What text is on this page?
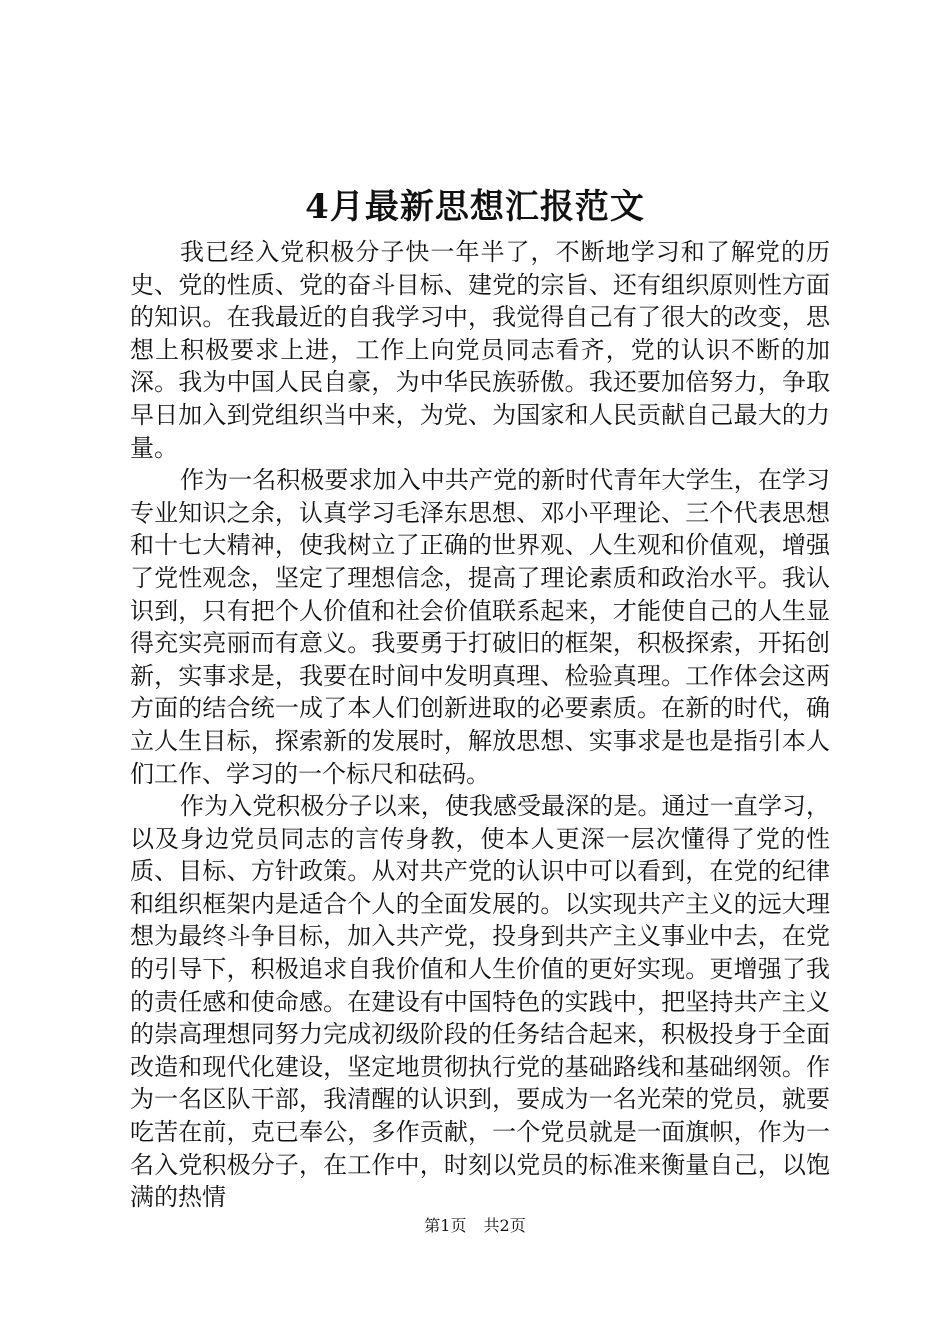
4月最新思想汇报范文

我已经入党积极分子快一年半了，不断地学习和了解党的历史、党的性质、党的奋斗目标、建党的宗旨、还有组织原则性方面的知识。在我最近的自我学习中，我觉得自己有了很大的改变，思想上积极要求上进，工作上向党员同志看齐，党的认识不断的加深。我为中国人民自豪，为中华民族骄傲。我还要加倍努力，争取早日加入到党组织当中来，为党、为国家和人民贡献自己最大的力量。

作为一名积极要求加入中共产党的新时代青年大学生，在学习专业知识之余，认真学习毛泽东思想、邓小平理论、三个代表思想和十七大精神，使我树立了正确的世界观、人生观和价值观，增强了党性观念，坚定了理想信念，提高了理论素质和政治水平。我认识到，只有把个人价值和社会价值联系起来，才能使自己的人生显得充实亮丽而有意义。我要勇于打破旧的框架，积极探索，开拓创新，实事求是，我要在时间中发明真理、检验真理。工作体会这两方面的结合统一成了本人们创新进取的必要素质。在新的时代，确立人生目标，探索新的发展时，解放思想、实事求是也是指引本人们工作、学习的一个标尺和砝码。

作为入党积极分子以来，使我感受最深的是。通过一直学习，以及身边党员同志的言传身教，使本人更深一层次懂得了党的性质、目标、方针政策。从对共产党的认识中可以看到，在党的纪律和组织框架内是适合个人的全面发展的。以实现共产主义的远大理想为最终斗争目标，加入共产党，投身到共产主义事业中去，在党的引导下，积极追求自我价值和人生价值的更好实现。更增强了我的责任感和使命感。在建设有中国特色的实践中，把坚持共产主义的崇高理想同努力完成初级阶段的任务结合起来，积极投身于全面改造和现代化建设，坚定地贯彻执行党的基础路线和基础纲领。作为一名区队干部，我清醒的认识到，要成为一名光荣的党员，就要吃苦在前，克已奉公，多作贡献，一个党员就是一面旗帜，作为一名入党积极分子，在工作中，时刻以党员的标准来衡量自己，以饱满的热情

第1页 共2页
